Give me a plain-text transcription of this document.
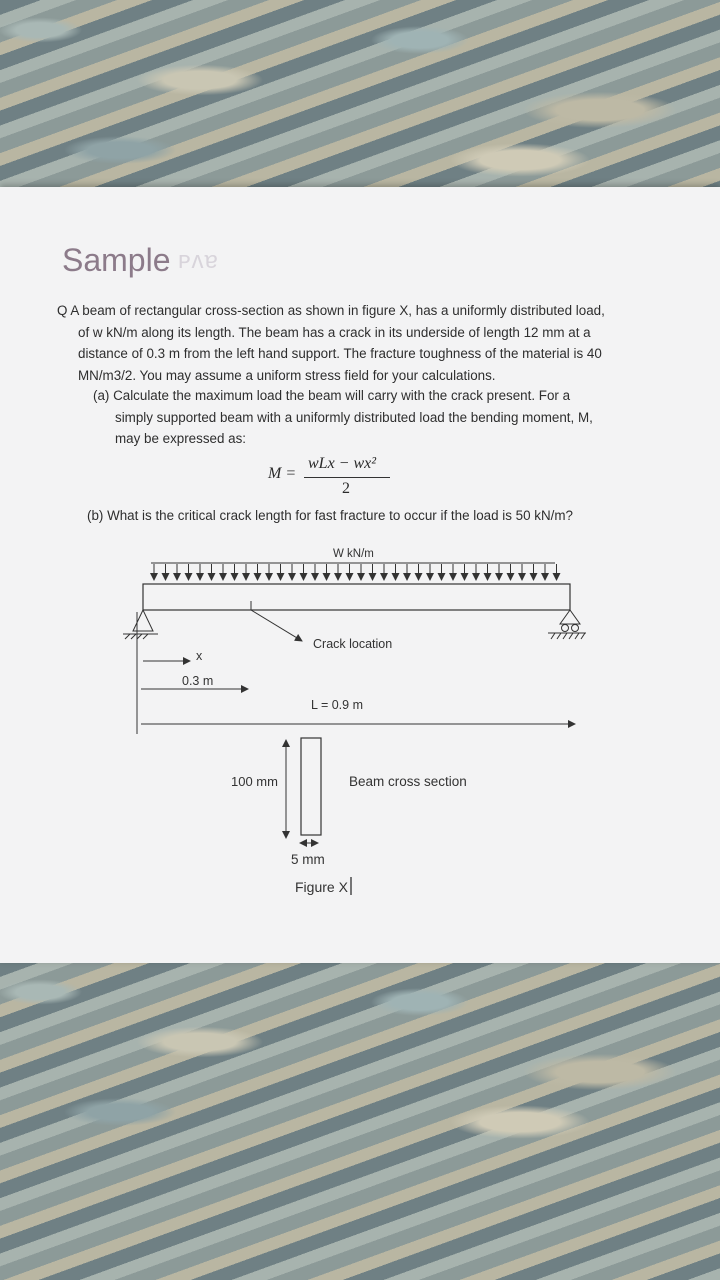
Sample ᴩʌɐ

Q A beam of rectangular cross-section as shown in figure X, has a uniformly distributed load,

of w kN/m along its length. The beam has a crack in its underside of length 12 mm at a

distance of 0.3 m from the left hand support. The fracture toughness of the material is 40

MN/m3/2. You may assume a uniform stress field for your calculations.

(a) Calculate the maximum load the beam will carry with the crack present. For a
simply supported beam with a uniformly distributed load the bending moment, M,
may be expressed as:
M =
wLx − wx²
2
(b) What is the critical crack length for fast fracture to occur if the load is 50 kN/m?
W kN/m
Crack location
x
0.3 m
L = 0.9 m
100 mm	Beam cross section
5 mm
Figure X
